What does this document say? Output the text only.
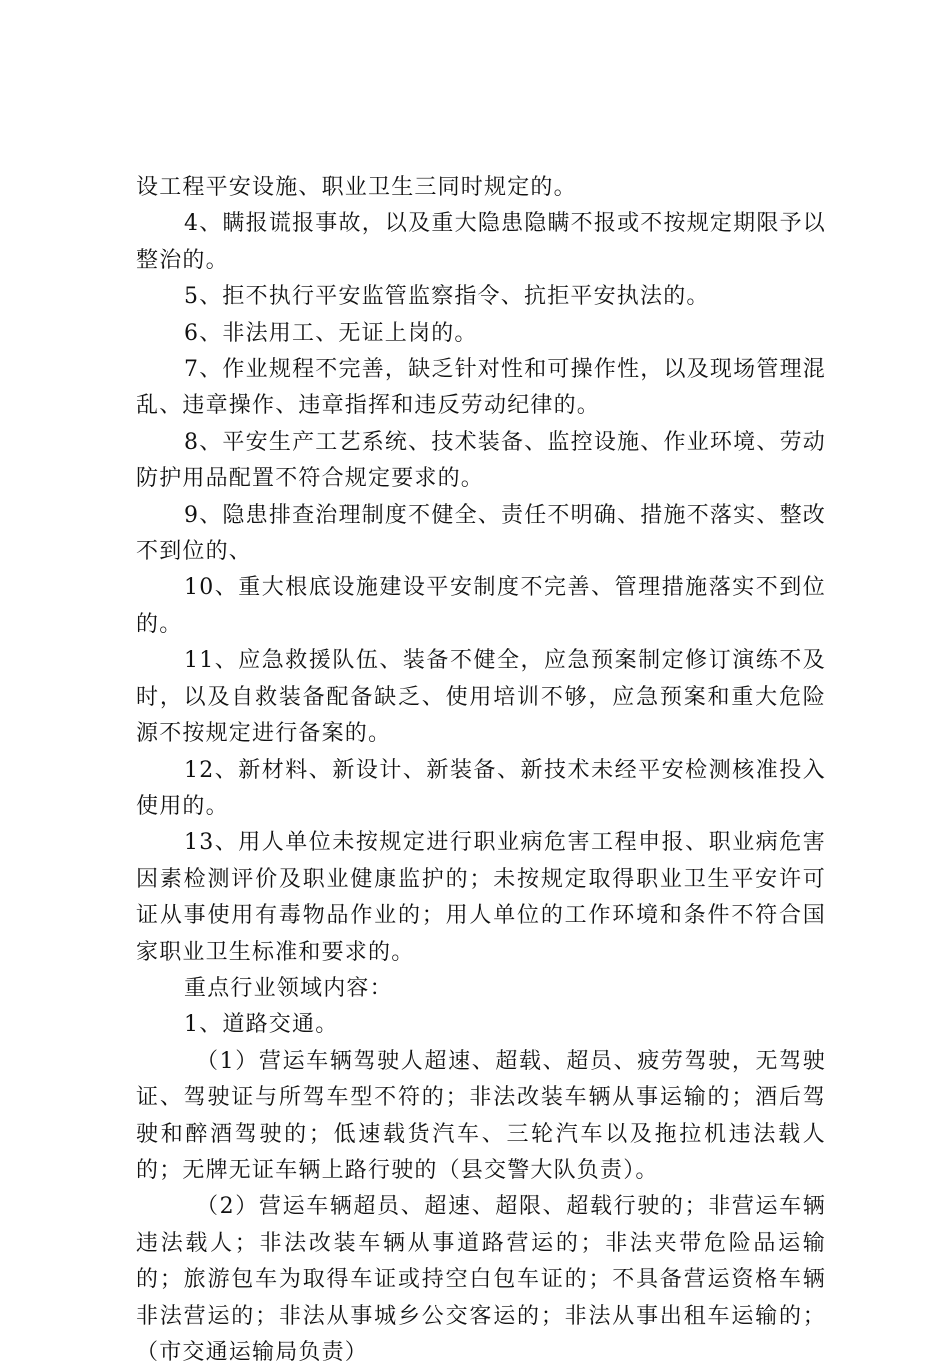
设工程平安设施、职业卫生三同时规定的。

4、瞒报谎报事故，以及重大隐患隐瞒不报或不按规定期限予以整治的。

5、拒不执行平安监管监察指令、抗拒平安执法的。

6、非法用工、无证上岗的。

7、作业规程不完善，缺乏针对性和可操作性，以及现场管理混乱、违章操作、违章指挥和违反劳动纪律的。

8、平安生产工艺系统、技术装备、监控设施、作业环境、劳动防护用品配置不符合规定要求的。

9、隐患排查治理制度不健全、责任不明确、措施不落实、整改不到位的、

10、重大根底设施建设平安制度不完善、管理措施落实不到位的。

11、应急救援队伍、装备不健全，应急预案制定修订演练不及时，以及自救装备配备缺乏、使用培训不够，应急预案和重大危险源不按规定进行备案的。

12、新材料、新设计、新装备、新技术未经平安检测核准投入使用的。

13、用人单位未按规定进行职业病危害工程申报、职业病危害因素检测评价及职业健康监护的；未按规定取得职业卫生平安许可证从事使用有毒物品作业的；用人单位的工作环境和条件不符合国家职业卫生标准和要求的。

重点行业领域内容：

1、道路交通。

（1）营运车辆驾驶人超速、超载、超员、疲劳驾驶，无驾驶证、驾驶证与所驾车型不符的；非法改装车辆从事运输的；酒后驾驶和醉酒驾驶的；低速载货汽车、三轮汽车以及拖拉机违法载人的；无牌无证车辆上路行驶的（县交警大队负责）。

（2）营运车辆超员、超速、超限、超载行驶的；非营运车辆违法载人；非法改装车辆从事道路营运的；非法夹带危险品运输的；旅游包车为取得车证或持空白包车证的；不具备营运资格车辆非法营运的；非法从事城乡公交客运的；非法从事出租车运输的；（市交通运输局负责）
